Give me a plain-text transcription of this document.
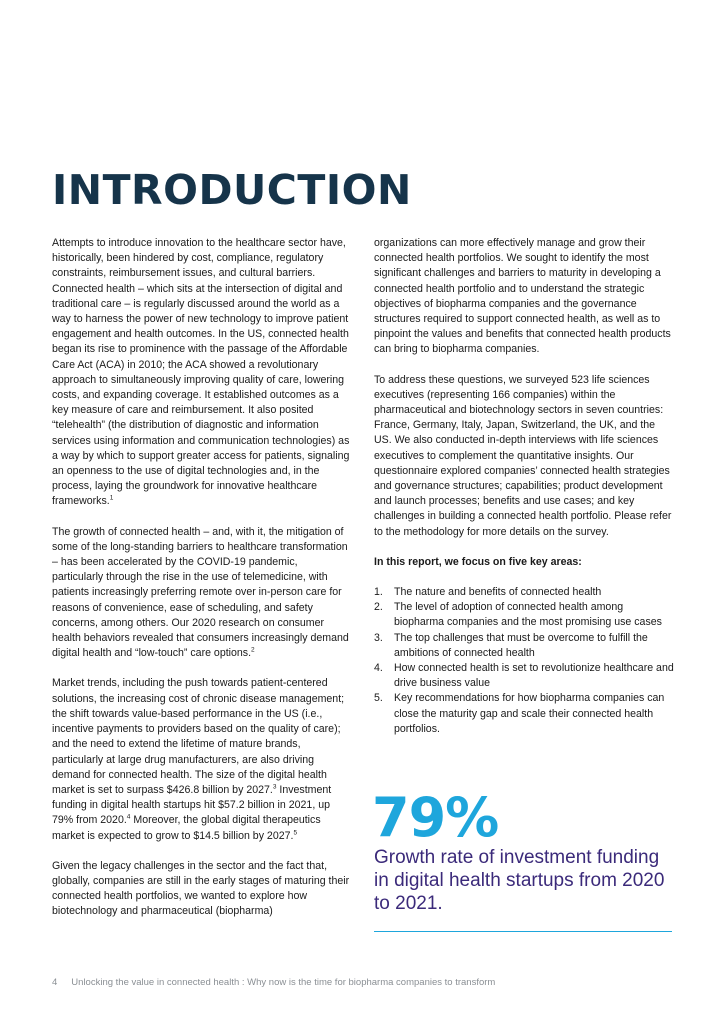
INTRODUCTION

Attempts to introduce innovation to the healthcare sector have, historically, been hindered by cost, compliance, regulatory constraints, reimbursement issues, and cultural barriers. Connected health – which sits at the intersection of digital and traditional care – is regularly discussed around the world as a way to harness the power of new technology to improve patient engagement and health outcomes. In the US, connected health began its rise to prominence with the passage of the Affordable Care Act (ACA) in 2010; the ACA showed a revolutionary approach to simultaneously improving quality of care, lowering costs, and expanding coverage. It established outcomes as a key measure of care and reimbursement. It also posited “telehealth” (the distribution of diagnostic and information services using information and communication technologies) as a way by which to support greater access for patients, signaling an openness to the use of digital technologies and, in the process, laying the groundwork for innovative healthcare frameworks.$^1$

The growth of connected health – and, with it, the mitigation of some of the long-standing barriers to healthcare transformation – has been accelerated by the COVID-19 pandemic, particularly through the rise in the use of telemedicine, with patients increasingly preferring remote over in-person care for reasons of convenience, ease of scheduling, and safety concerns, among others. Our 2020 research on consumer health behaviors revealed that consumers increasingly demand digital health and “low-touch” care options.$^2$

Market trends, including the push towards patient-centered solutions, the increasing cost of chronic disease management; the shift towards value-based performance in the US (i.e., incentive payments to providers based on the quality of care); and the need to extend the lifetime of mature brands, particularly at large drug manufacturers, are also driving demand for connected health. The size of the digital health market is set to surpass $426.8 billion by 2027.$^3$ Investment funding in digital health startups hit $57.2 billion in 2021, up 79% from 2020.$^4$ Moreover, the global digital therapeutics market is expected to grow to $14.5 billion by 2027.$^5$

Given the legacy challenges in the sector and the fact that, globally, companies are still in the early stages of maturing their connected health portfolios, we wanted to explore how biotechnology and pharmaceutical (biopharma)

organizations can more effectively manage and grow their connected health portfolios. We sought to identify the most significant challenges and barriers to maturity in developing a connected health portfolio and to understand the strategic objectives of biopharma companies and the governance structures required to support connected health, as well as to pinpoint the values and benefits that connected health products can bring to biopharma companies.

To address these questions, we surveyed 523 life sciences executives (representing 166 companies) within the pharmaceutical and biotechnology sectors in seven countries: France, Germany, Italy, Japan, Switzerland, the UK, and the US. We also conducted in-depth interviews with life sciences executives to complement the quantitative insights. Our questionnaire explored companies’ connected health strategies and governance structures; capabilities; product development and launch processes; benefits and use cases; and key challenges in building a connected health portfolio. Please refer to the methodology for more details on the survey.

In this report, we focus on five key areas:

1. The nature and benefits of connected health
2. The level of adoption of connected health among biopharma companies and the most promising use cases
3. The top challenges that must be overcome to fulfill the ambitions of connected health
4. How connected health is set to revolutionize healthcare and drive business value
5. Key recommendations for how biopharma companies can close the maturity gap and scale their connected health portfolios.
79%
Growth rate of investment funding in digital health startups from 2020 to 2021.
4 Unlocking the value in connected health : Why now is the time for biopharma companies to transform
